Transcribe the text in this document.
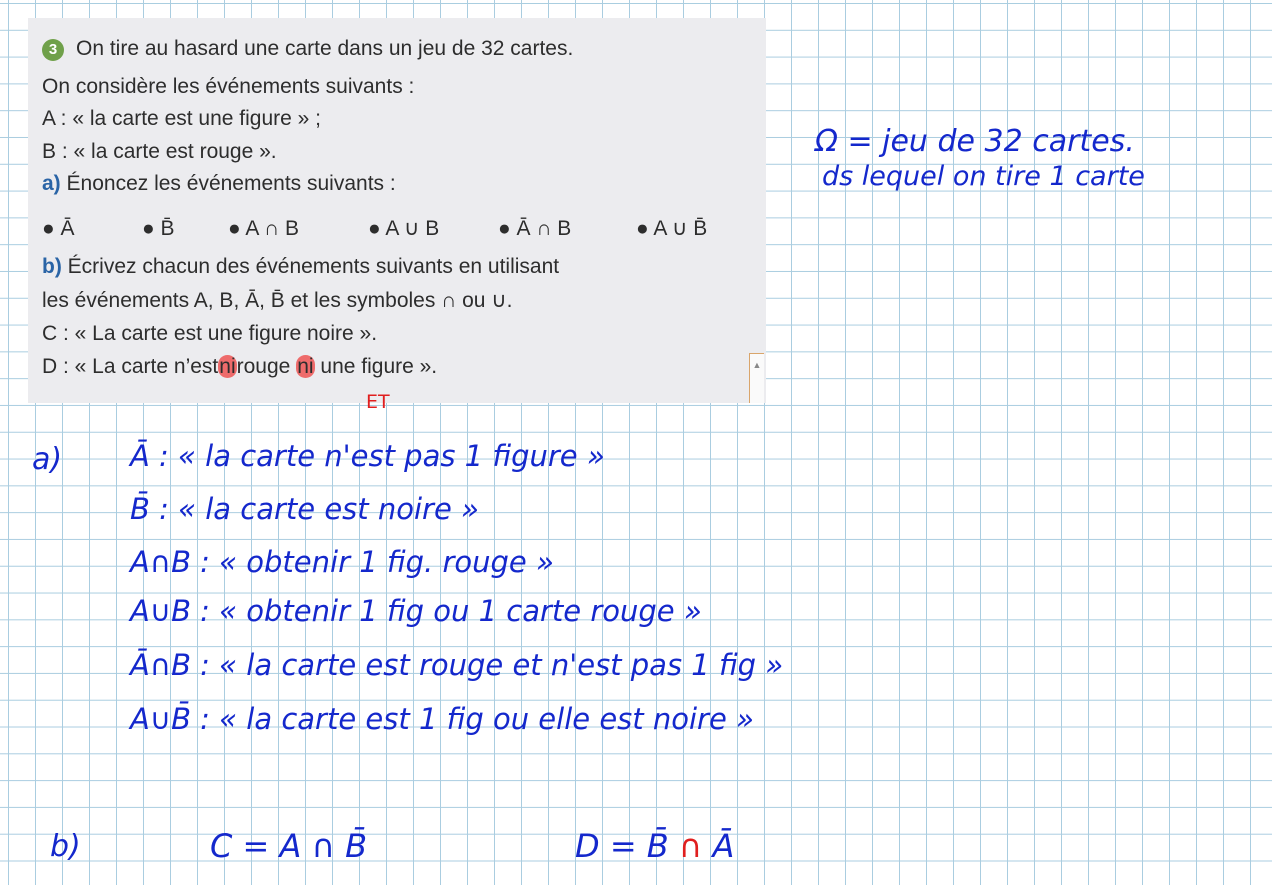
3 On tire au hasard une carte dans un jeu de 32 cartes.
On considère les événements suivants :
A : « la carte est une figure » ;
B : « la carte est rouge ».
a) Énoncez les événements suivants :
● Ā	● B̄	● A ∩ B	● A ∪ B	● Ā ∩ B	● A ∪ B̄
b) Écrivez chacun des événements suivants en utilisant
les événements A, B, Ā, B̄ et les symboles ∩ ou ∪.
C : « La carte est une figure noire ».
D : « La carte n’estnirouge ni une figure ».	▲
ET
Ω = jeu de 32 cartes.
ds lequel on tire 1 carte
a) Ā : « la carte n'est pas 1 figure »
B̄ : « la carte est noire »
A∩B : « obtenir 1 fig. rouge »
A∪B : « obtenir 1 fig ou 1 carte rouge »
Ā∩B : « la carte est rouge et n'est pas 1 fig »
A∪B̄ : « la carte est 1 fig ou elle est noire »
b)	C = A ∩ B̄	D = B̄ ∩ Ā
